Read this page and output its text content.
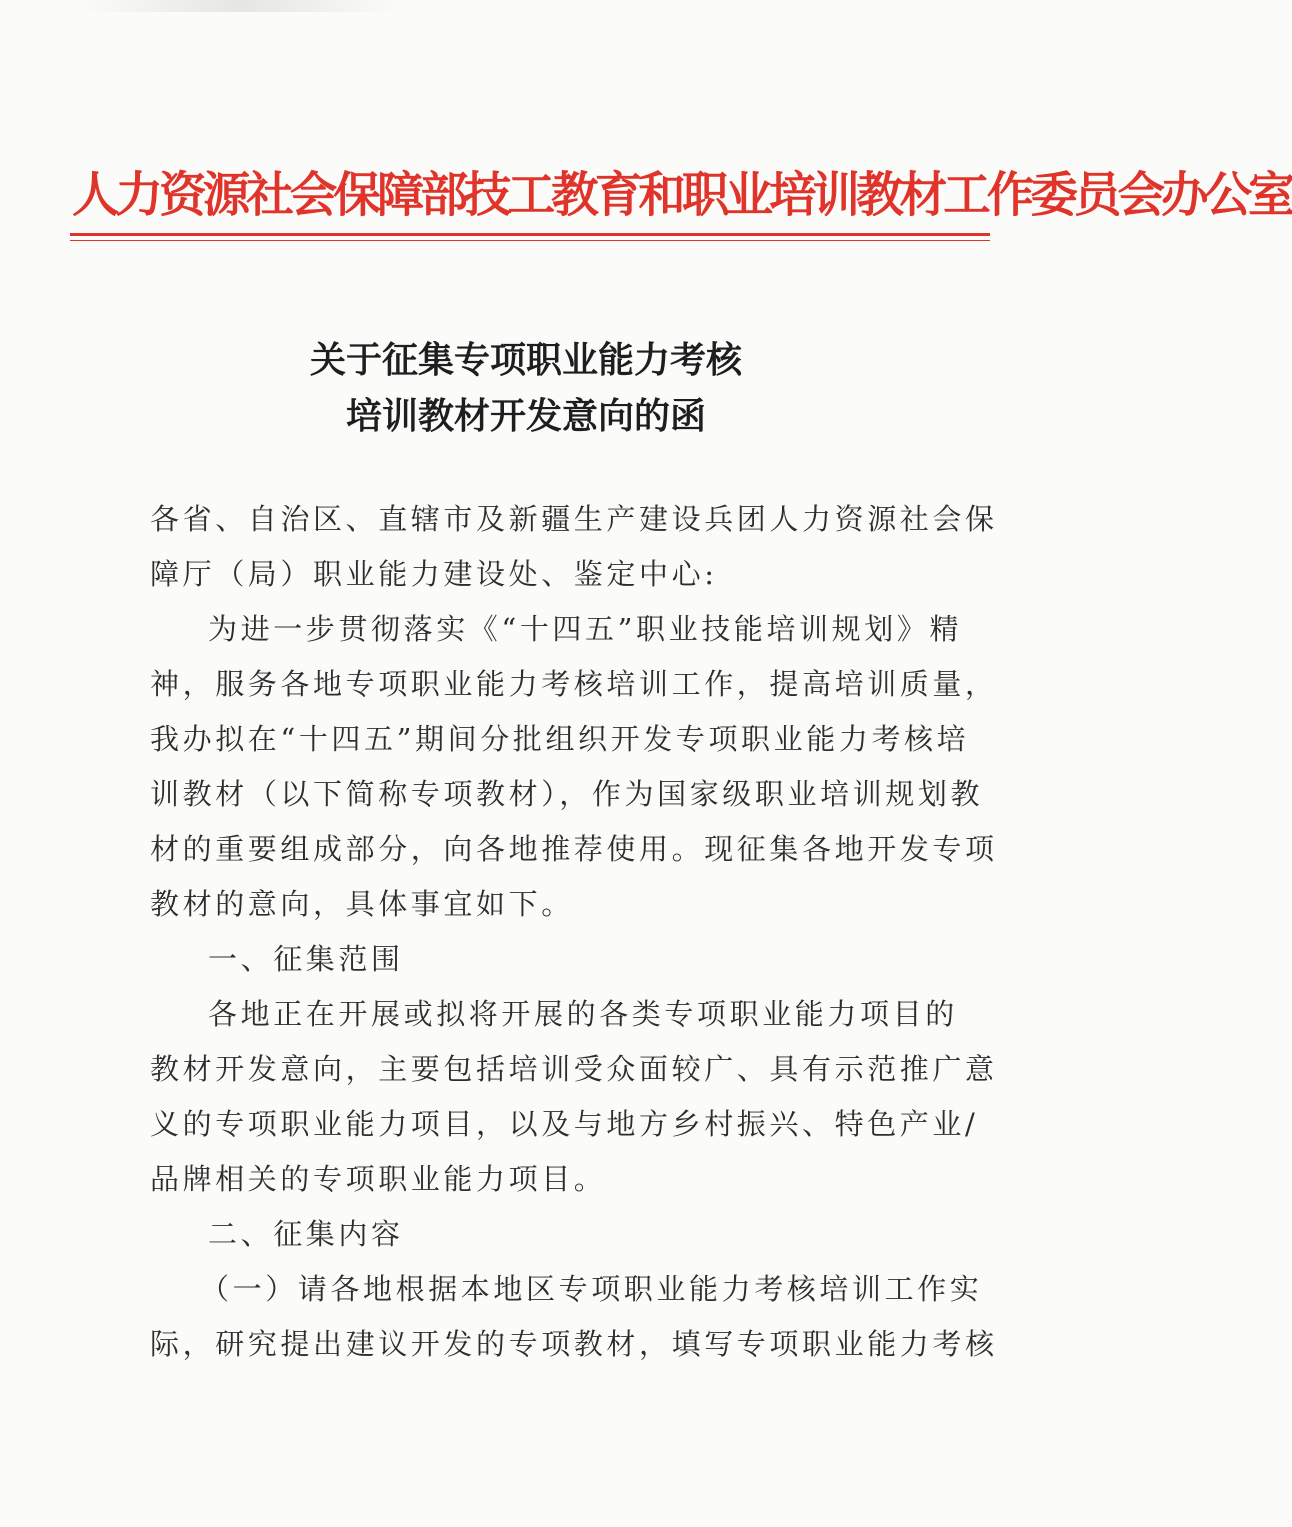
人力资源社会保障部技工教育和职业培训教材工作委员会办公室
关于征集专项职业能力考核
培训教材开发意向的函
各省、自治区、直辖市及新疆生产建设兵团人力资源社会保
障厅（局）职业能力建设处、鉴定中心:
为进一步贯彻落实《“十四五”职业技能培训规划》精
神，服务各地专项职业能力考核培训工作，提高培训质量，
我办拟在“十四五”期间分批组织开发专项职业能力考核培
训教材（以下简称专项教材），作为国家级职业培训规划教
材的重要组成部分，向各地推荐使用。现征集各地开发专项
教材的意向，具体事宜如下。
一、征集范围
各地正在开展或拟将开展的各类专项职业能力项目的
教材开发意向，主要包括培训受众面较广、具有示范推广意
义的专项职业能力项目，以及与地方乡村振兴、特色产业/
品牌相关的专项职业能力项目。
二、征集内容
（一）请各地根据本地区专项职业能力考核培训工作实
际，研究提出建议开发的专项教材，填写专项职业能力考核
